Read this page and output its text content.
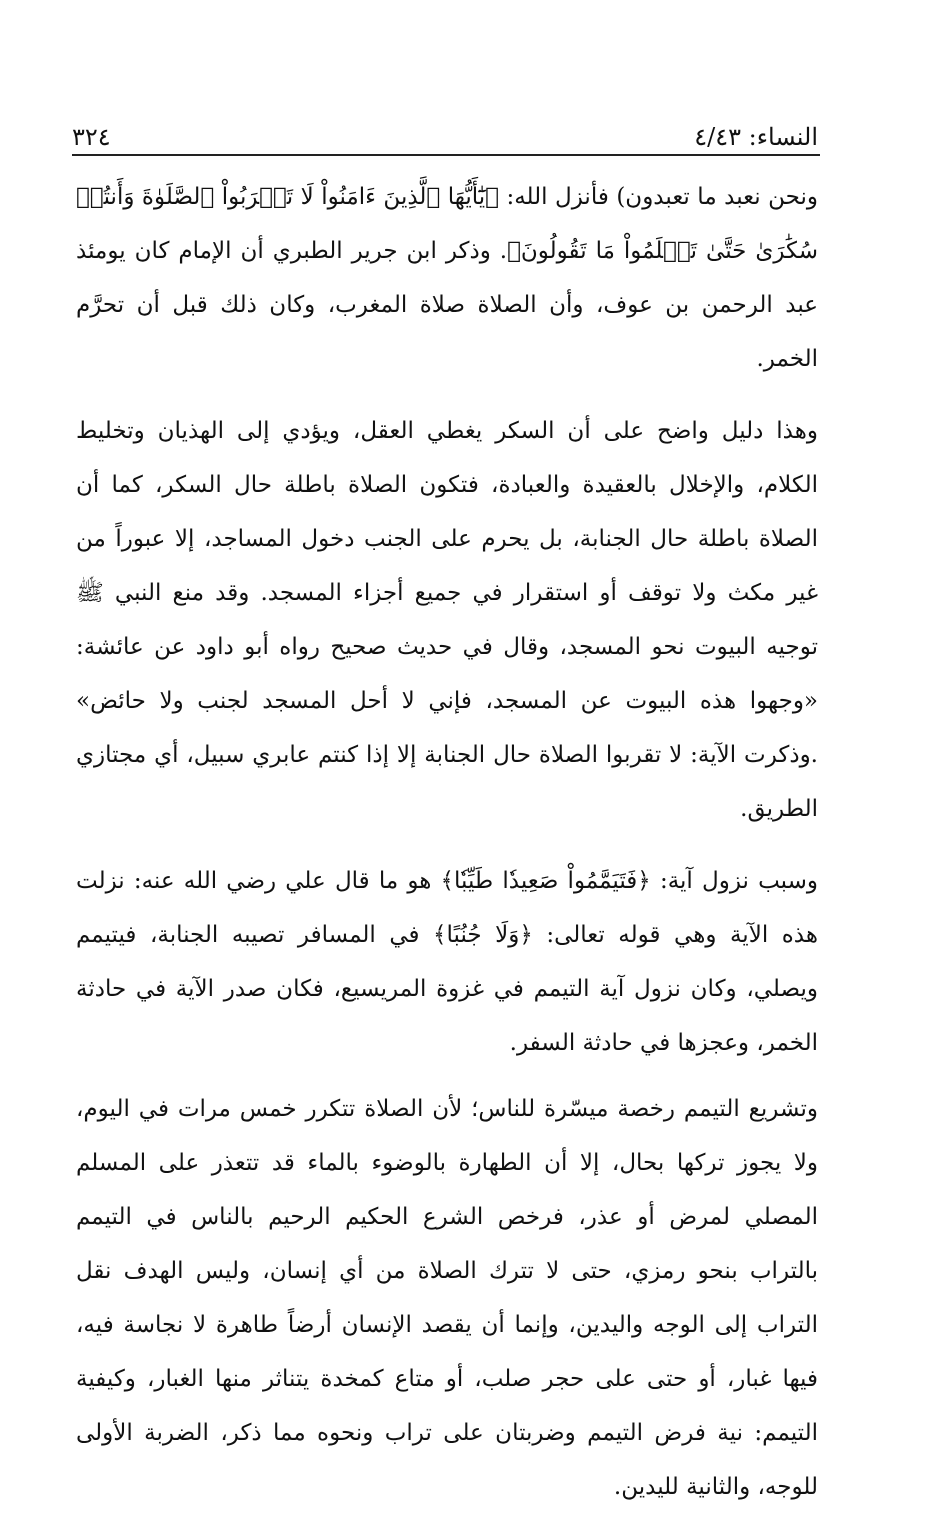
النساء: ٤/٤٣
٣٢٤

ونحن نعبد ما تعبدون) فأنزل الله: ﴿يَٰٓأَيُّهَا ٱلَّذِينَ ءَامَنُواْ لَا تَقۡرَبُواْ ٱلصَّلَوٰةَ وَأَنتُمۡ سُكَٰرَىٰ حَتَّىٰ تَعۡلَمُواْ مَا تَقُولُونَ﴾. وذكر ابن جرير الطبري أن الإمام كان يومئذ عبد الرحمن بن عوف، وأن الصلاة صلاة المغرب، وكان ذلك قبل أن تحرَّم الخمر.

وهذا دليل واضح على أن السكر يغطي العقل، ويؤدي إلى الهذيان وتخليط الكلام، والإخلال بالعقيدة والعبادة، فتكون الصلاة باطلة حال السكر، كما أن الصلاة باطلة حال الجنابة، بل يحرم على الجنب دخول المساجد، إلا عبوراً من غير مكث ولا توقف أو استقرار في جميع أجزاء المسجد. وقد منع النبي ﷺ توجيه البيوت نحو المسجد، وقال في حديث صحيح رواه أبو داود عن عائشة: «وجهوا هذه البيوت عن المسجد، فإني لا أحل المسجد لجنب ولا حائض» .وذكرت الآية: لا تقربوا الصلاة حال الجنابة إلا إذا كنتم عابري سبيل، أي مجتازي الطريق.

وسبب نزول آية: ﴿فَتَيَمَّمُواْ صَعِيدٗا طَيِّبٗا﴾ هو ما قال علي رضي الله عنه: نزلت هذه الآية وهي قوله تعالى: ﴿وَلَا جُنُبًا﴾ في المسافر تصيبه الجنابة، فيتيمم ويصلي، وكان نزول آية التيمم في غزوة المريسيع، فكان صدر الآية في حادثة الخمر، وعجزها في حادثة السفر.

وتشريع التيمم رخصة ميسّرة للناس؛ لأن الصلاة تتكرر خمس مرات في اليوم، ولا يجوز تركها بحال، إلا أن الطهارة بالوضوء بالماء قد تتعذر على المسلم المصلي لمرض أو عذر، فرخص الشرع الحكيم الرحيم بالناس في التيمم بالتراب بنحو رمزي، حتى لا تترك الصلاة من أي إنسان، وليس الهدف نقل التراب إلى الوجه واليدين، وإنما أن يقصد الإنسان أرضاً طاهرة لا نجاسة فيه، فيها غبار، أو حتى على حجر صلب، أو متاع كمخدة يتناثر منها الغبار، وكيفية التيمم: نية فرض التيمم وضربتان على تراب ونحوه مما ذكر، الضربة الأولى للوجه، والثانية لليدين.
